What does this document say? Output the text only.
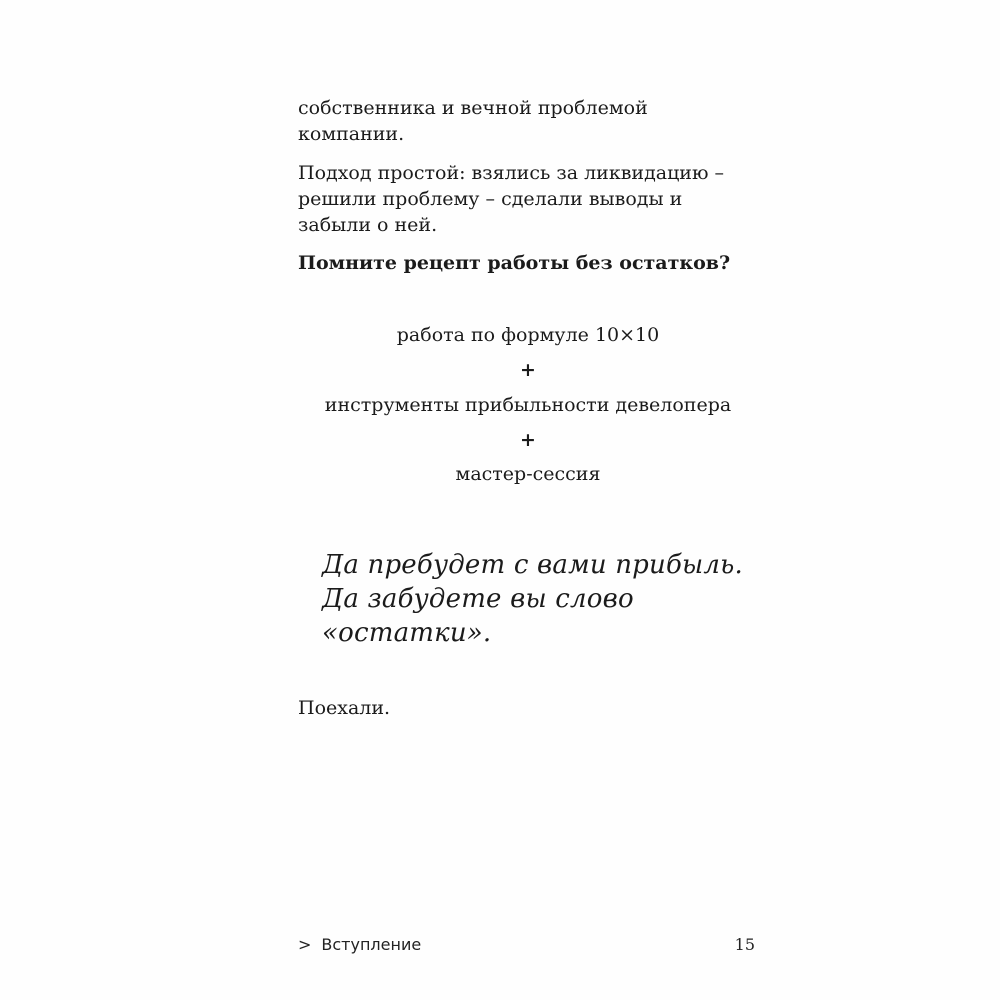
собственника и вечной проблемой компании.
Подход простой: взялись за ликвидацию – решили проблему – сделали выводы и забыли о ней.
Помните рецепт работы без остатков?
работа по формуле 10×10
+
инструменты прибыльности девелопера
+
мастер-сессия
Да пребудет с вами прибыль.
Да забудете вы слово
«остатки».
Поехали.
> Вступление	15
